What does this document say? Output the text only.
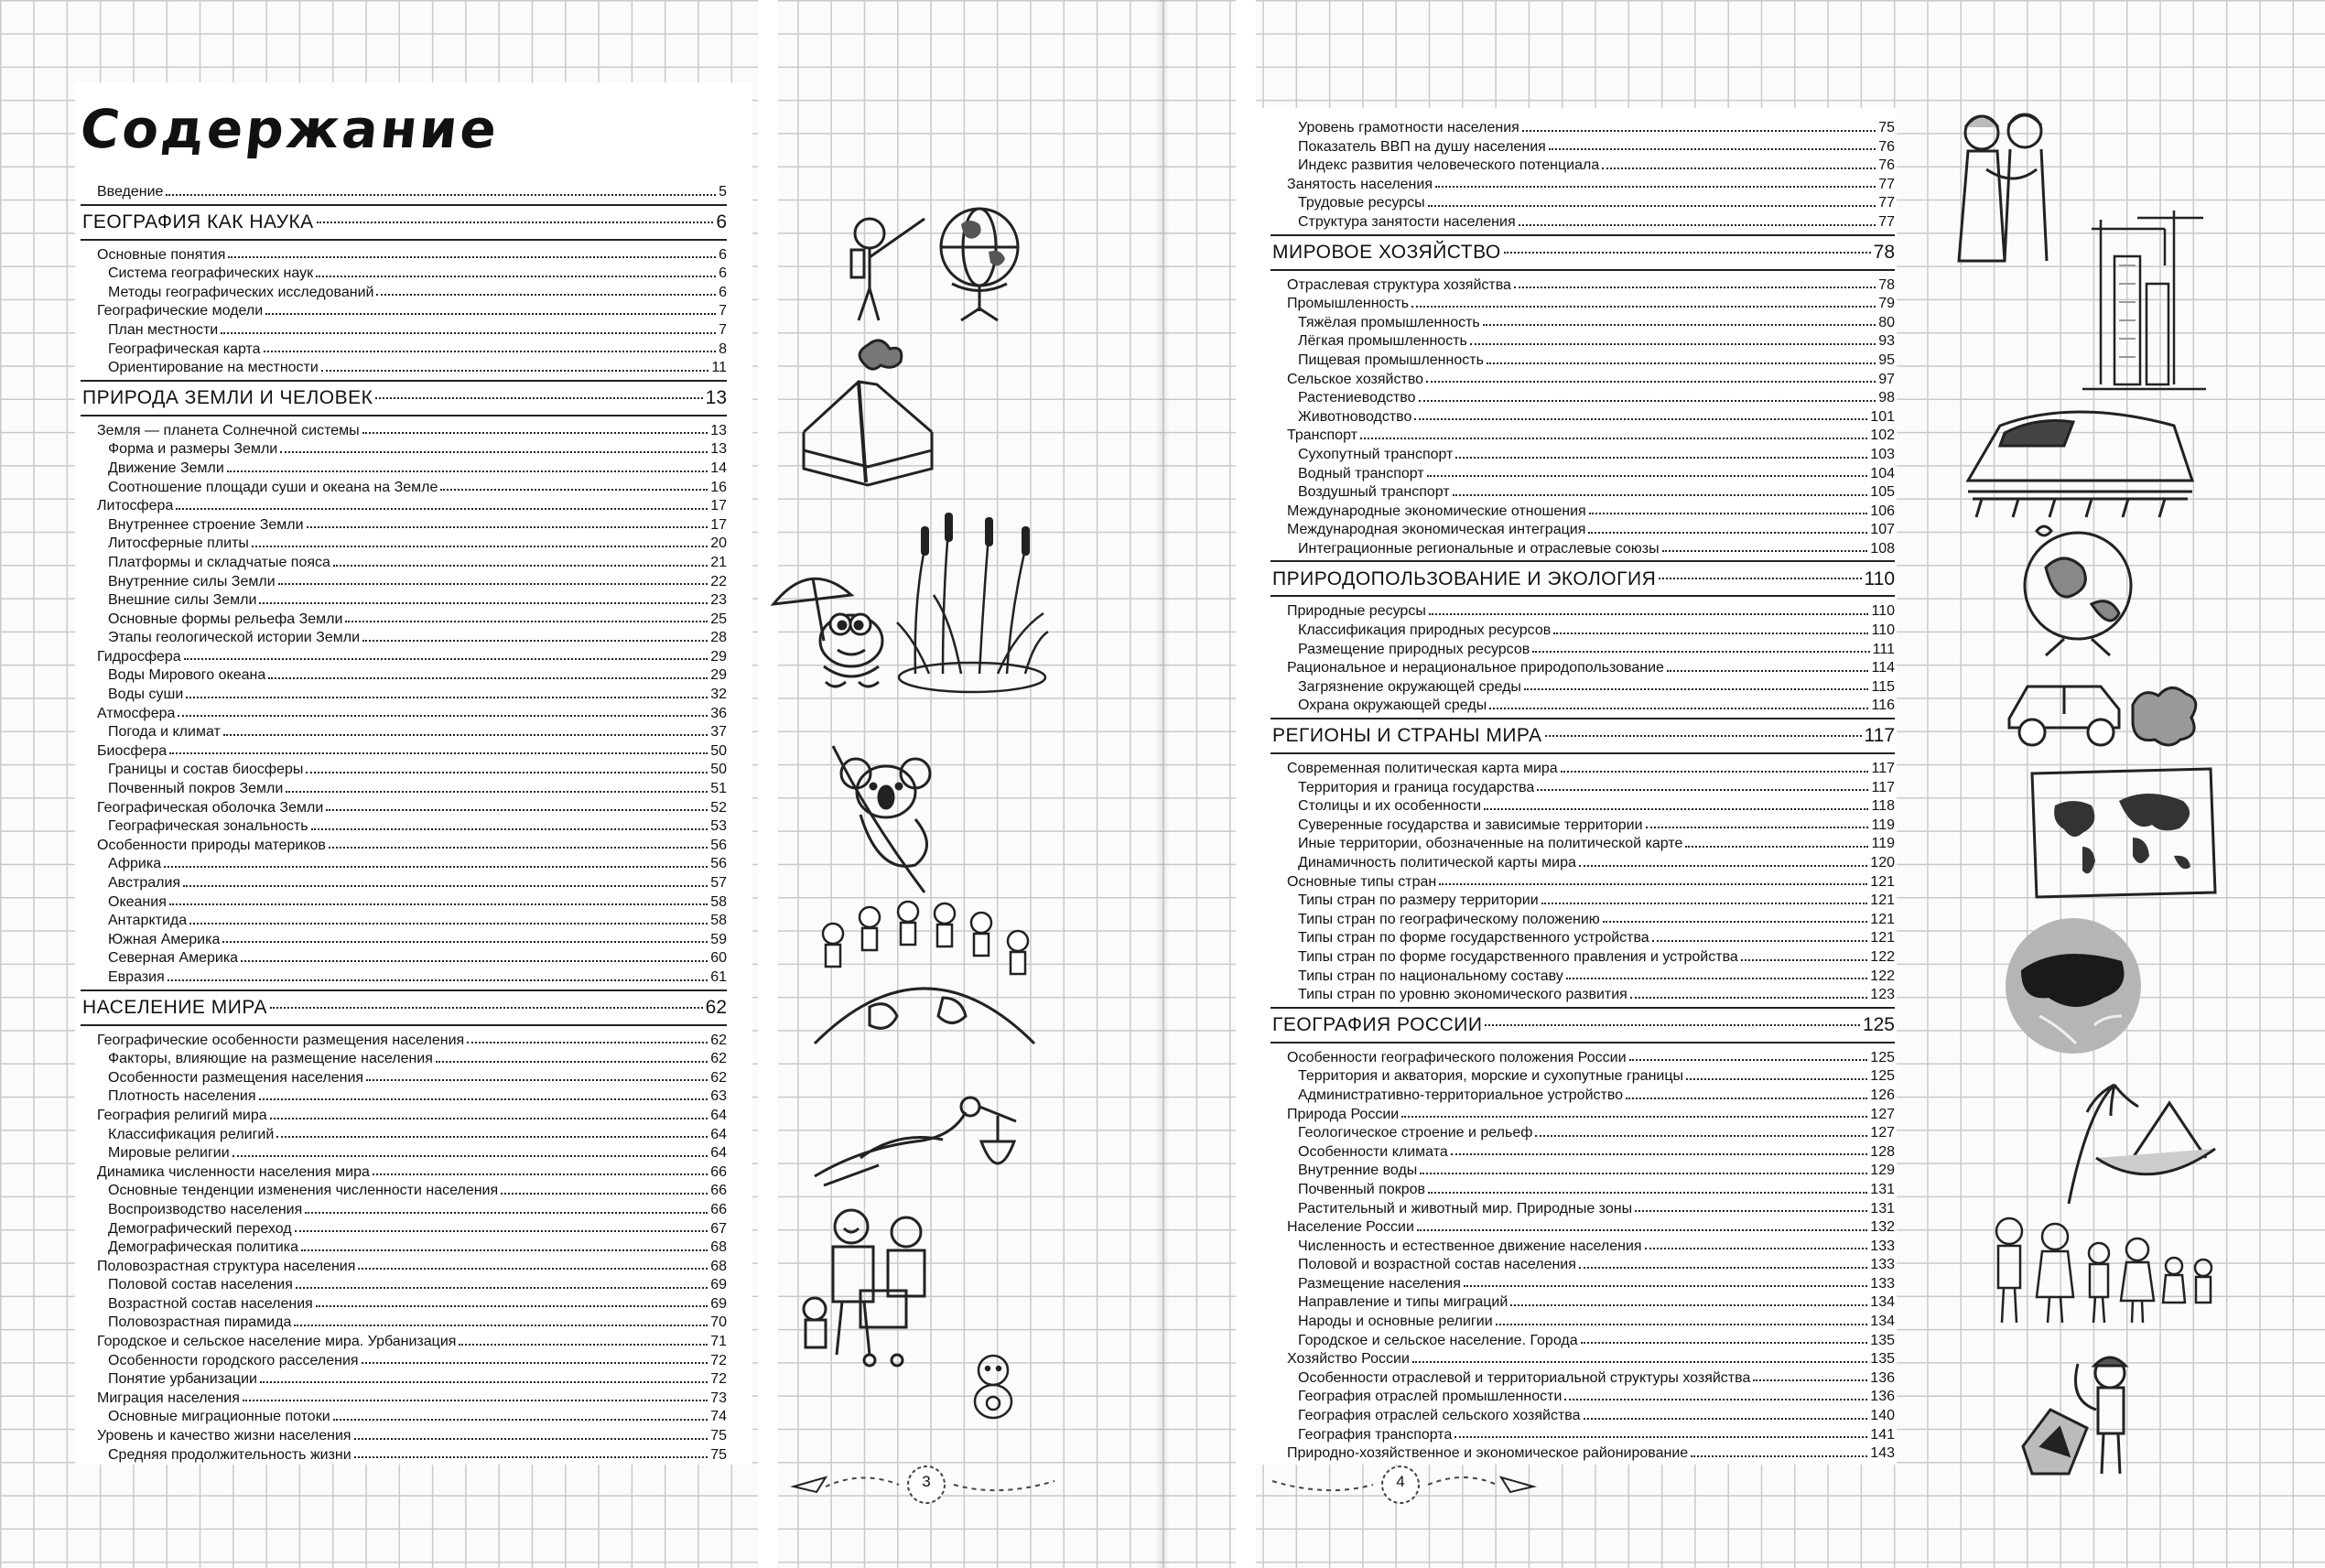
Содержание
Введение	5
ГЕОГРАФИЯ КАК НАУКА	6
Основные понятия	6
Система географических наук	6
Методы географических исследований	6
Географические модели	7
План местности	7
Географическая карта	8
Ориентирование на местности	11
ПРИРОДА ЗЕМЛИ И ЧЕЛОВЕК	13
Земля — планета Солнечной системы	13
Форма и размеры Земли	13
Движение Земли	14
Соотношение площади суши и океана на Земле	16
Литосфера	17
Внутреннее строение Земли	17
Литосферные плиты	20
Платформы и складчатые пояса	21
Внутренние силы Земли	22
Внешние силы Земли	23
Основные формы рельефа Земли	25
Этапы геологической истории Земли	28
Гидросфера	29
Воды Мирового океана	29
Воды суши	32
Атмосфера	36
Погода и климат	37
Биосфера	50
Границы и состав биосферы	50
Почвенный покров Земли	51
Географическая оболочка Земли	52
Географическая зональность	53
Особенности природы материков	56
Африка	56
Австралия	57
Океания	58
Антарктида	58
Южная Америка	59
Северная Америка	60
Евразия	61
НАСЕЛЕНИЕ МИРА	62
Географические особенности размещения населения	62
Факторы, влияющие на размещение населения	62
Особенности размещения населения	62
Плотность населения	63
География религий мира	64
Классификация религий	64
Мировые религии	64
Динамика численности населения мира	66
Основные тенденции изменения численности населения	66
Воспроизводство населения	66
Демографический переход	67
Демографическая политика	68
Половозрастная структура населения	68
Половой состав населения	69
Возрастной состав населения	69
Половозрастная пирамида	70
Городское и сельское население мира. Урбанизация	71
Особенности городского расселения	72
Понятие урбанизации	72
Миграция населения	73
Основные миграционные потоки	74
Уровень и качество жизни населения	75
Средняя продолжительность жизни	75
Уровень грамотности населения	75
Показатель ВВП на душу населения	76
Индекс развития человеческого потенциала	76
Занятость населения	77
Трудовые ресурсы	77
Структура занятости населения	77
МИРОВОЕ ХОЗЯЙСТВО	78
Отраслевая структура хозяйства	78
Промышленность	79
Тяжёлая промышленность	80
Лёгкая промышленность	93
Пищевая промышленность	95
Сельское хозяйство	97
Растениеводство	98
Животноводство	101
Транспорт	102
Сухопутный транспорт	103
Водный транспорт	104
Воздушный транспорт	105
Международные экономические отношения	106
Международная экономическая интеграция	107
Интеграционные региональные и отраслевые союзы	108
ПРИРОДОПОЛЬЗОВАНИЕ И ЭКОЛОГИЯ	110
Природные ресурсы	110
Классификация природных ресурсов	110
Размещение природных ресурсов	111
Рациональное и нерациональное природопользование	114
Загрязнение окружающей среды	115
Охрана окружающей среды	116
РЕГИОНЫ И СТРАНЫ МИРА	117
Современная политическая карта мира	117
Территория и граница государства	117
Столицы и их особенности	118
Суверенные государства и зависимые территории	119
Иные территории, обозначенные на политической карте	119
Динамичность политической карты мира	120
Основные типы стран	121
Типы стран по размеру территории	121
Типы стран по географическому положению	121
Типы стран по форме государственного устройства	121
Типы стран по форме государственного правления и устройства	122
Типы стран по национальному составу	122
Типы стран по уровню экономического развития	123
ГЕОГРАФИЯ РОССИИ	125
Особенности географического положения России	125
Территория и акватория, морские и сухопутные границы	125
Административно-территориальное устройство	126
Природа России	127
Геологическое строение и рельеф	127
Особенности климата	128
Внутренние воды	129
Почвенный покров	131
Растительный и животный мир. Природные зоны	131
Население России	132
Численность и естественное движение населения	133
Половой и возрастной состав населения	133
Размещение населения	133
Направление и типы миграций	134
Народы и основные религии	134
Городское и сельское население. Города	135
Хозяйство России	135
Особенности отраслевой и территориальной структуры хозяйства	136
География отраслей промышленности	136
География отраслей сельского хозяйства	140
География транспорта	141
Природно-хозяйственное и экономическое районирование	143
3	4
